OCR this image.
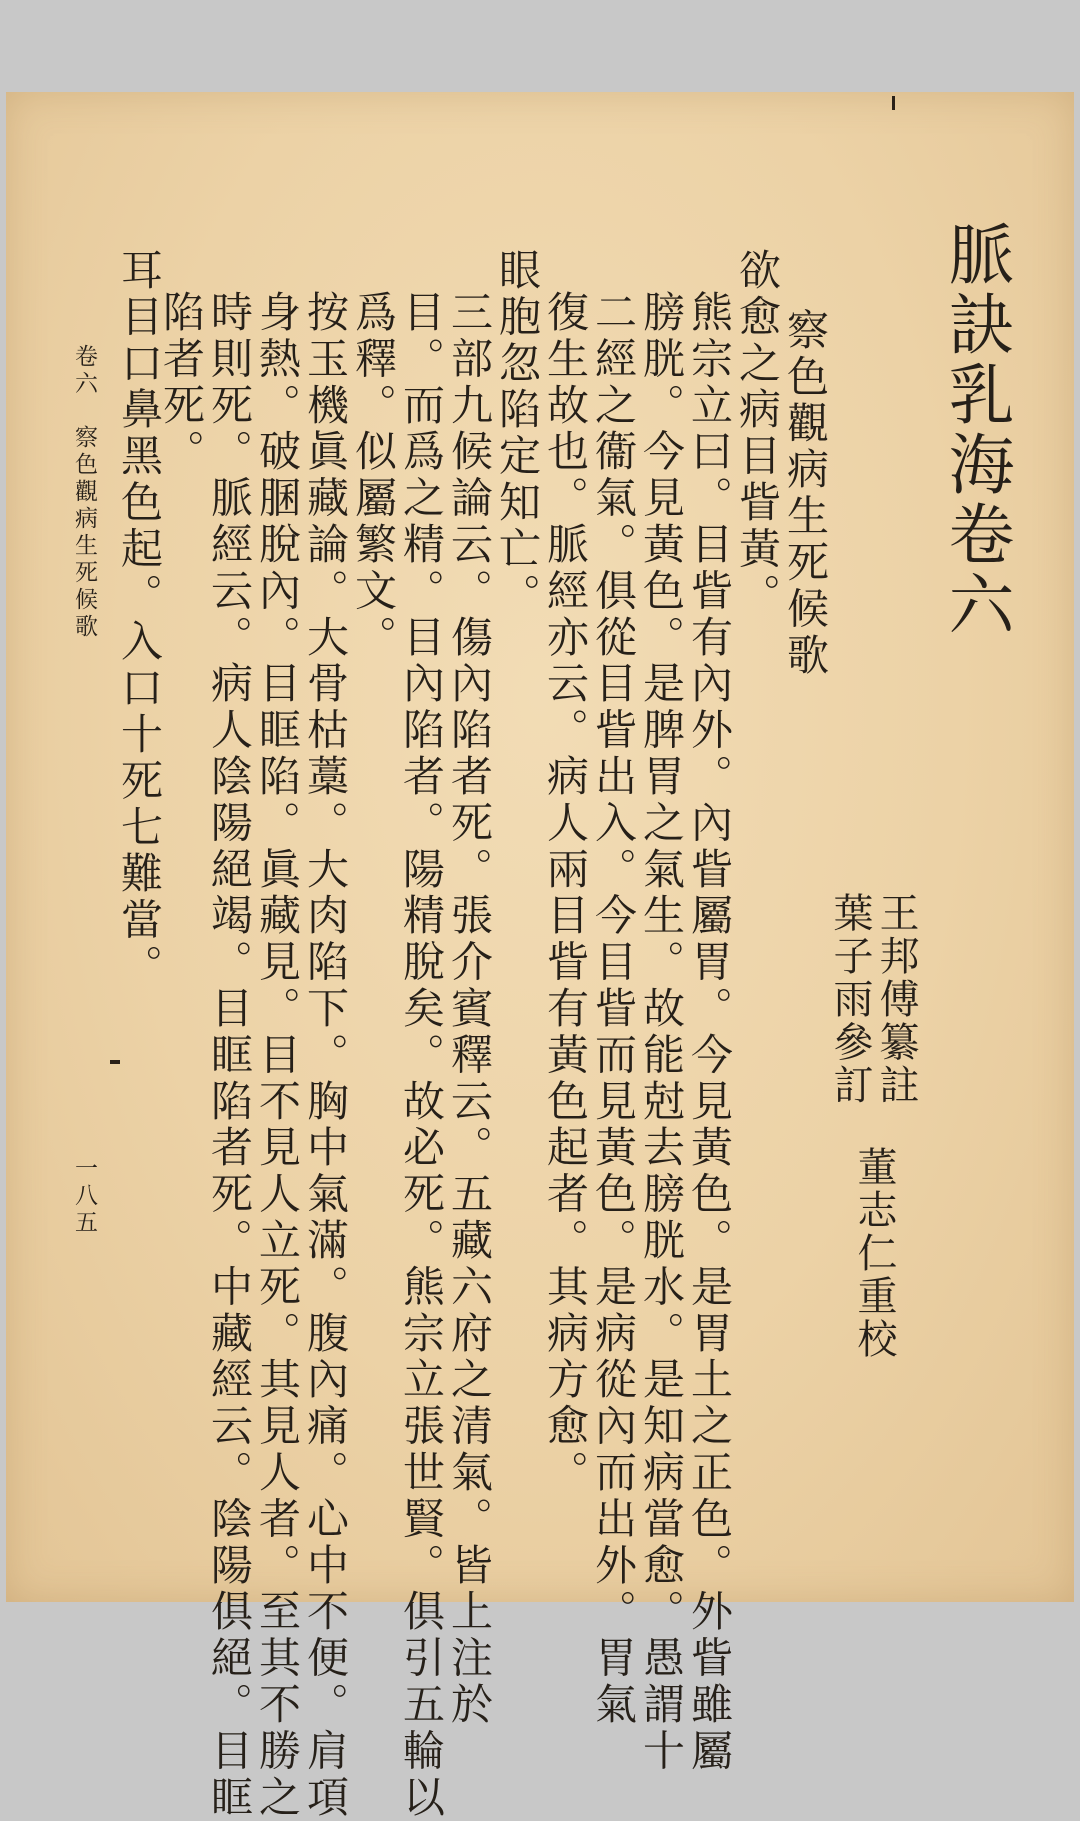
脈訣乳海卷六
王邦傅纂註
葉子雨參訂
董志仁重校
察色觀病生死候歌
欲愈之病目眥黃。
熊宗立曰。目眥有內外。內眥屬胃。今見黃色。是胃土之正色。外眥雖屬
膀胱。今見黃色。是脾胃之氣生。故能尅去膀胱水。是知病當愈。愚謂十
二經之衞氣。俱從目眥出入。今目眥而見黃色。是病從內而出外。胃氣
復生故也。脈經亦云。病人兩目眥有黃色起者。其病方愈。
眼胞忽陷定知亡。
三部九候論云。傷內陷者死。張介賓釋云。五藏六府之清氣。皆上注於
目。而爲之精。目內陷者。陽精脫矣。故必死。熊宗立張世賢。俱引五輪以
爲釋。似屬繁文。
按玉機眞藏論。大骨枯藁。大肉陷下。胸中氣滿。腹內痛。心中不便。肩項
身熱。破䐃脫內。目眶陷。眞藏見。目不見人立死。其見人者。至其不勝之
時則死。脈經云。病人陰陽絕竭。目眶陷者死。中藏經云。陰陽俱絕。目眶
陷者死。
耳目口鼻黑色起。入口十死七難當。
卷六　察色觀病生死候歌
一八五
